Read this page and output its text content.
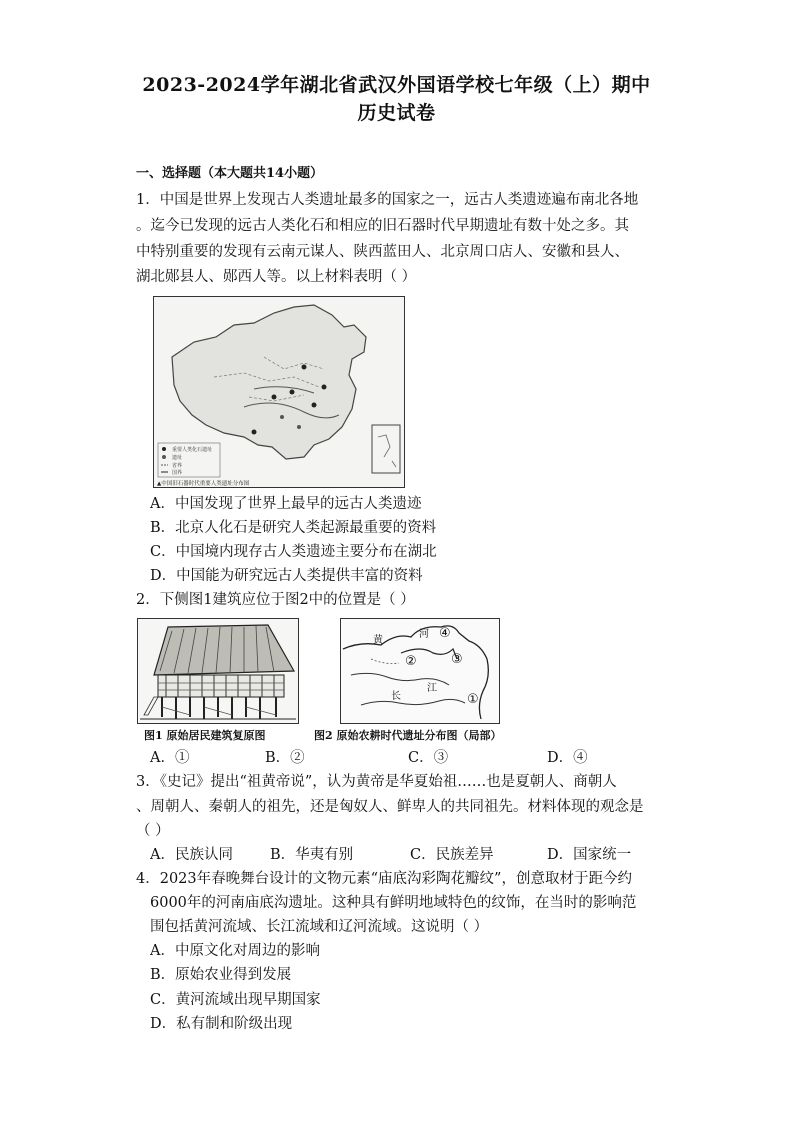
2023-2024学年湖北省武汉外国语学校七年级（上）期中
历史试卷
一、选择题（本大题共14小题）
1．中国是世界上发现古人类遗址最多的国家之一，远古人类遗迹遍布南北各地
。迄今已发现的远古人类化石和相应的旧石器时代早期遗址有数十处之多。其
中特别重要的发现有云南元谋人、陕西蓝田人、北京周口店人、安徽和县人、
湖北郧县人、郧西人等。以上材料表明（ ）
重要人类化石遗址
遗址
省界
国界
▲中国旧石器时代重要人类遗址分布图
A．中国发现了世界上最早的远古人类遗迹
B．北京人化石是研究人类起源最重要的资料
C．中国境内现存古人类遗迹主要分布在湖北
D．中国能为研究远古人类提供丰富的资料
2．下侧图1建筑应位于图2中的位置是（ ）
黄
河
长
江
④
②	③
①
图1 原始居民建筑复原图	图2 原始农耕时代遗址分布图（局部）
A．①	B．②	C．③	D．④
3．《史记》提出“祖黄帝说”，认为黄帝是华夏始祖……也是夏朝人、商朝人
、周朝人、秦朝人的祖先，还是匈奴人、鲜卑人的共同祖先。材料体现的观念是
（ ）
A．民族认同	B．华夷有别	C．民族差异	D．国家统一
4．2023年春晚舞台设计的文物元素“庙底沟彩陶花瓣纹”，创意取材于距今约
6000年的河南庙底沟遗址。这种具有鲜明地域特色的纹饰，在当时的影响范
围包括黄河流域、长江流域和辽河流域。这说明（ ）
A．中原文化对周边的影响
B．原始农业得到发展
C．黄河流域出现早期国家
D．私有制和阶级出现
